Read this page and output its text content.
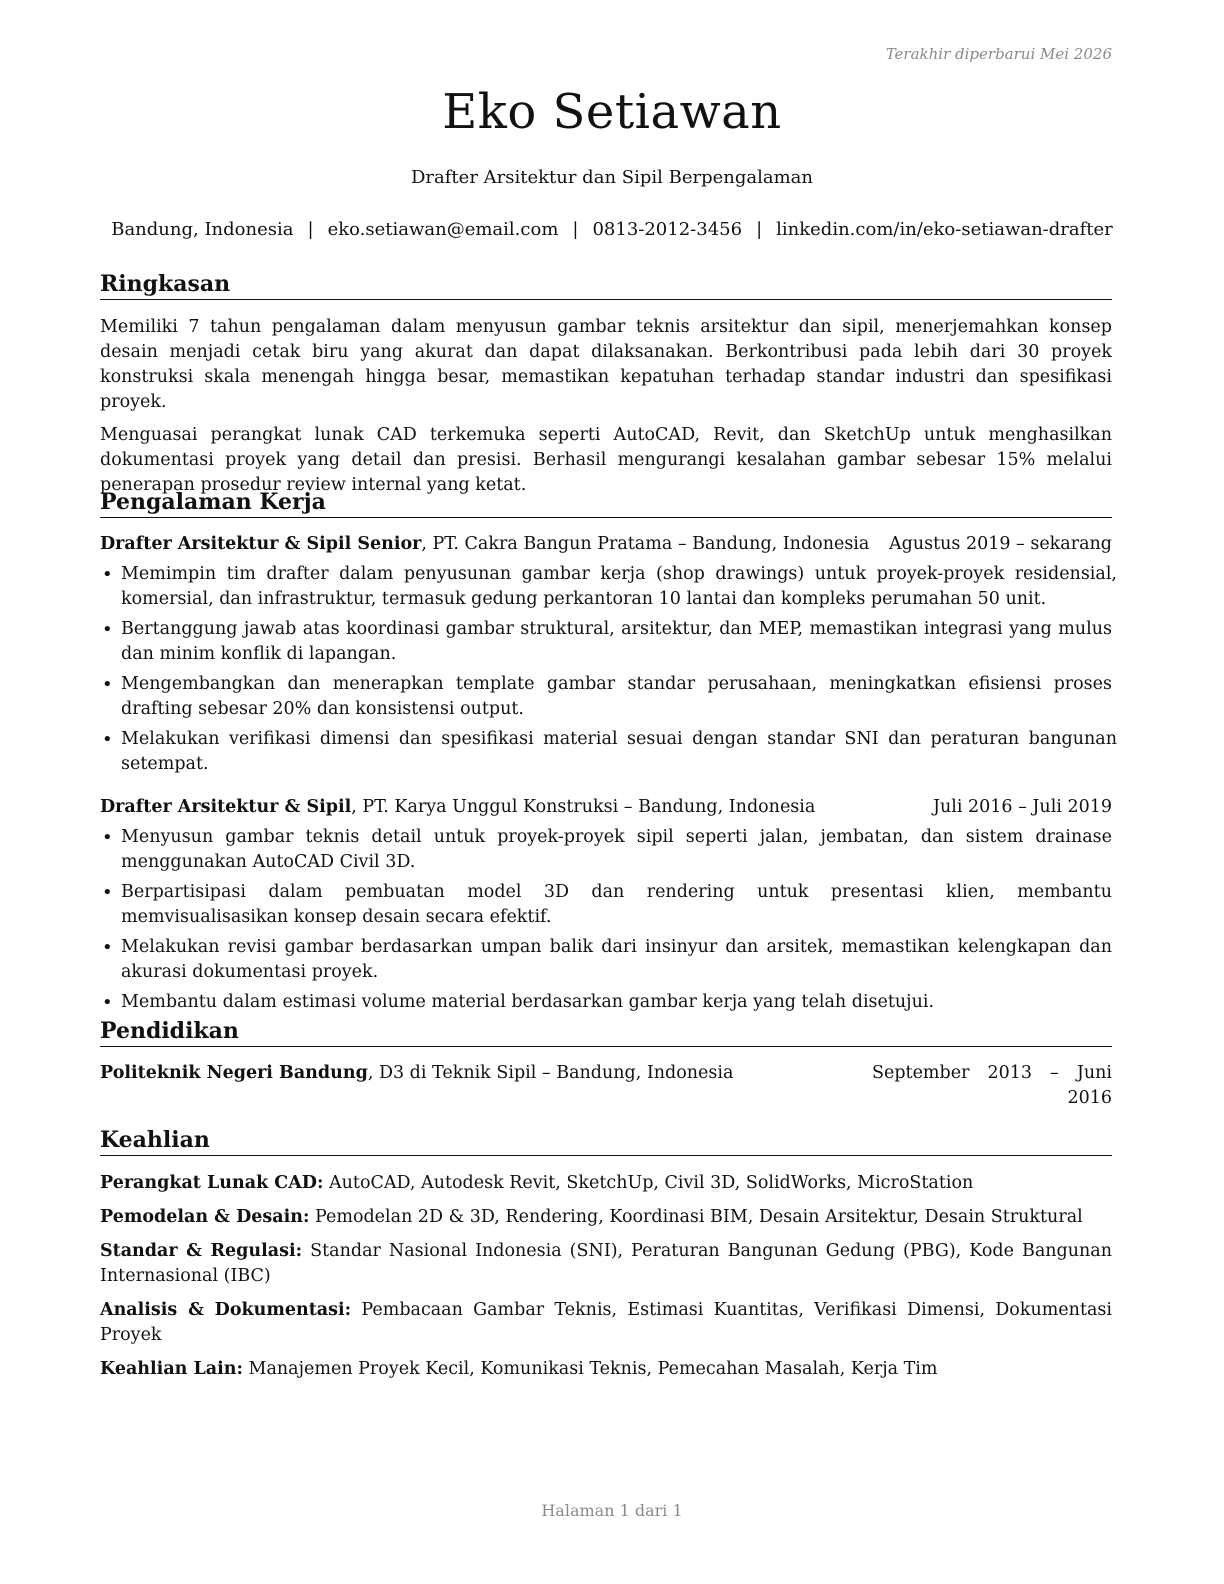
Terakhir diperbarui Mei 2026
Eko Setiawan
Drafter Arsitektur dan Sipil Berpengalaman
Bandung, Indonesia | eko.setiawan@email.com | 0813-2012-3456 | linkedin.com/in/eko-setiawan-drafter
Ringkasan

Memiliki 7 tahun pengalaman dalam menyusun gambar teknis arsitektur dan sipil, menerjemahkan konsep desain menjadi cetak biru yang akurat dan dapat dilaksanakan. Berkontribusi pada lebih dari 30 proyek konstruksi skala menengah hingga besar, memastikan kepatuhan terhadap standar industri dan spesifikasi proyek.

Menguasai perangkat lunak CAD terkemuka seperti AutoCAD, Revit, dan SketchUp untuk menghasilkan dokumentasi proyek yang detail dan presisi. Berhasil mengurangi kesalahan gambar sebesar 15% melalui penerapan prosedur review internal yang ketat.

Pengalaman Kerja
Drafter Arsitektur & Sipil Senior, PT. Cakra Bangun Pratama – Bandung, Indonesia Agustus 2019 – sekarang
• Memimpin tim drafter dalam penyusunan gambar kerja (shop drawings) untuk proyek-proyek residensial, komersial, dan infrastruktur, termasuk gedung perkantoran 10 lantai dan kompleks perumahan 50 unit.
• Bertanggung jawab atas koordinasi gambar struktural, arsitektur, dan MEP, memastikan integrasi yang mulus dan minim konflik di lapangan.
• Mengembangkan dan menerapkan template gambar standar perusahaan, meningkatkan efisiensi proses drafting sebesar 20% dan konsistensi output.
• Melakukan verifikasi dimensi dan spesifikasi material sesuai dengan standar SNI dan peraturan bangunan setempat.
Drafter Arsitektur & Sipil, PT. Karya Unggul Konstruksi – Bandung, Indonesia	Juli 2016 – Juli 2019
• Menyusun gambar teknis detail untuk proyek-proyek sipil seperti jalan, jembatan, dan sistem drainase menggunakan AutoCAD Civil 3D.
• Berpartisipasi dalam pembuatan model 3D dan rendering untuk presentasi klien, membantu memvisualisasikan konsep desain secara efektif.
• Melakukan revisi gambar berdasarkan umpan balik dari insinyur dan arsitek, memastikan kelengkapan dan akurasi dokumentasi proyek.
• Membantu dalam estimasi volume material berdasarkan gambar kerja yang telah disetujui.
Pendidikan
Politeknik Negeri Bandung, D3 di Teknik Sipil – Bandung, Indonesia	September 2013 – Juni
2016
Keahlian
Perangkat Lunak CAD: AutoCAD, Autodesk Revit, SketchUp, Civil 3D, SolidWorks, MicroStation
Pemodelan & Desain: Pemodelan 2D & 3D, Rendering, Koordinasi BIM, Desain Arsitektur, Desain Struktural
Standar & Regulasi: Standar Nasional Indonesia (SNI), Peraturan Bangunan Gedung (PBG), Kode Bangunan Internasional (IBC)
Analisis & Dokumentasi: Pembacaan Gambar Teknis, Estimasi Kuantitas, Verifikasi Dimensi, Dokumentasi Proyek
Keahlian Lain: Manajemen Proyek Kecil, Komunikasi Teknis, Pemecahan Masalah, Kerja Tim
Halaman 1 dari 1
